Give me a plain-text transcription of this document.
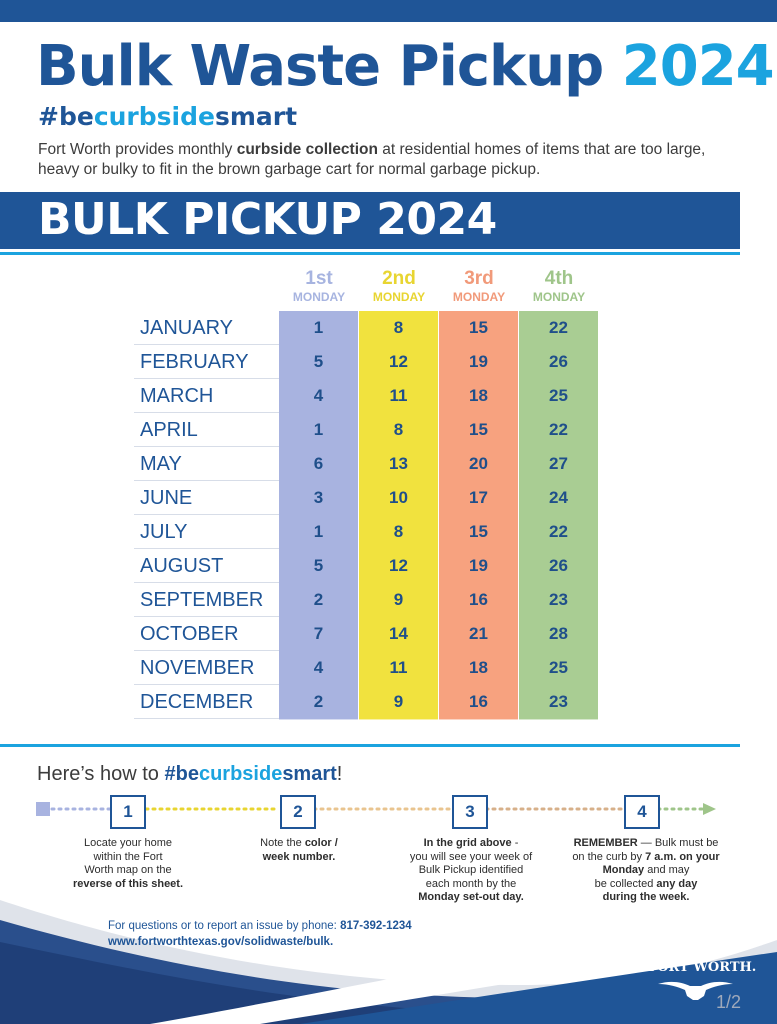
Bulk Waste Pickup 2024
#becurbsidesmart
Fort Worth provides monthly curbside collection at residential homes of items that are too large, heavy or bulky to fit in the brown garbage cart for normal garbage pickup.
BULK PICKUP 2024
1st
MONDAY
2nd
MONDAY
3rd
MONDAY
4th
MONDAY
JANUARY	1	8	15	22
FEBRUARY	5	12	19	26
MARCH	4	11	18	25
APRIL	1	8	15	22
MAY	6	13	20	27
JUNE	3	10	17	24
JULY	1	8	15	22
AUGUST	5	12	19	26
SEPTEMBER	2	9	16	23
OCTOBER	7	14	21	28
NOVEMBER	4	11	18	25
DECEMBER	2	9	16	23
Here’s how to #becurbsidesmart!
1	2	3	4
Locate your home
within the Fort
Worth map on the
reverse of this sheet.
Note the color /
week number.
In the grid above -
you will see your week of
Bulk Pickup identified
each month by the
Monday set-out day.
REMEMBER — Bulk must be
on the curb by 7 a.m. on your
Monday and may
be collected any day
during the week.
For questions or to report an issue by phone: 817-392-1234
www.fortworthtexas.gov/solidwaste/bulk.
FORT WORTH.
1/2
